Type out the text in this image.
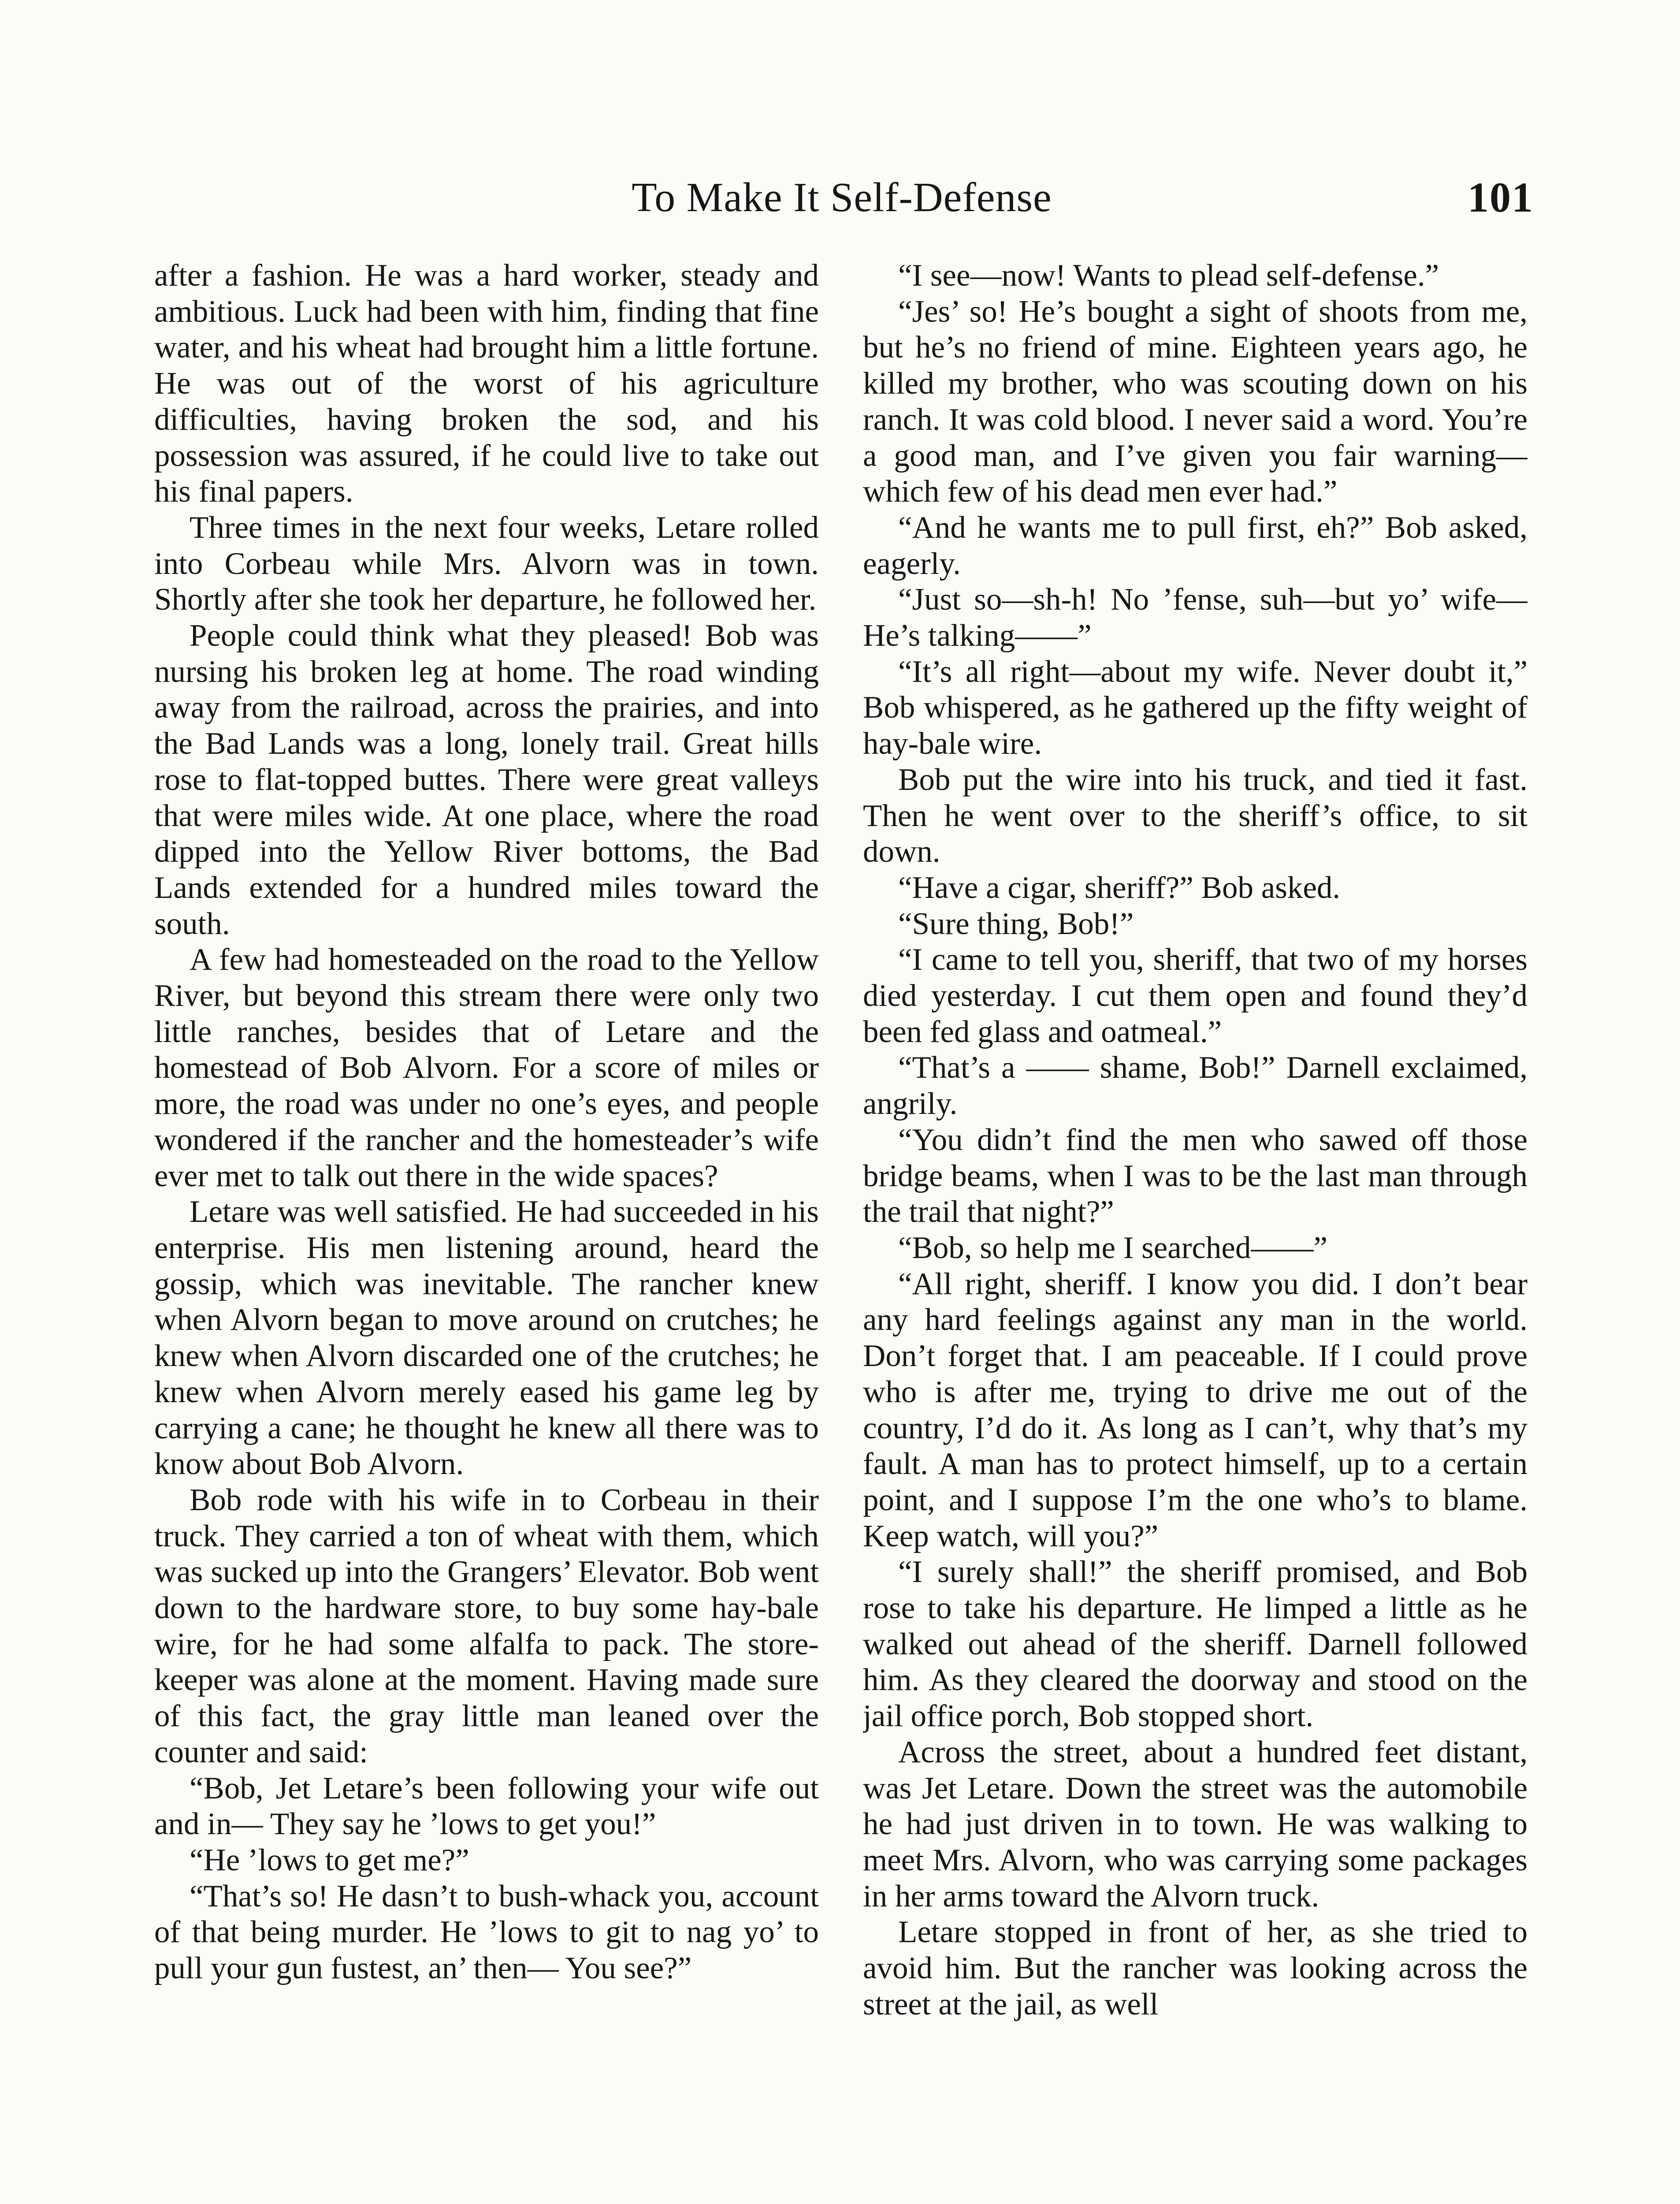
To Make It Self-Defense	101

after a fashion. He was a hard worker, steady and ambitious. Luck had been with him, finding that fine water, and his wheat had brought him a little fortune. He was out of the worst of his agriculture difficulties, having broken the sod, and his possession was assured, if he could live to take out his final papers.

Three times in the next four weeks, Letare rolled into Corbeau while Mrs. Alvorn was in town. Shortly after she took her departure, he followed her.

People could think what they pleased! Bob was nursing his broken leg at home. The road winding away from the railroad, across the prairies, and into the Bad Lands was a long, lonely trail. Great hills rose to flat-topped buttes. There were great valleys that were miles wide. At one place, where the road dipped into the Yellow River bottoms, the Bad Lands extended for a hundred miles toward the south.

A few had homesteaded on the road to the Yellow River, but beyond this stream there were only two little ranches, besides that of Letare and the homestead of Bob Alvorn. For a score of miles or more, the road was under no one’s eyes, and people wondered if the rancher and the homesteader’s wife ever met to talk out there in the wide spaces?

Letare was well satisfied. He had succeeded in his enterprise. His men listening around, heard the gossip, which was inevitable. The rancher knew when Alvorn began to move around on crutches; he knew when Alvorn discarded one of the crutches; he knew when Alvorn merely eased his game leg by carrying a cane; he thought he knew all there was to know about Bob Alvorn.

Bob rode with his wife in to Corbeau in their truck. They carried a ton of wheat with them, which was sucked up into the Grangers’ Elevator. Bob went down to the hardware store, to buy some hay-bale wire, for he had some alfalfa to pack. The store-keeper was alone at the moment. Having made sure of this fact, the gray little man leaned over the counter and said:

“Bob, Jet Letare’s been following your wife out and in— They say he ’lows to get you!”

“He ’lows to get me?”

“That’s so! He dasn’t to bush-whack you, account of that being murder. He ’lows to git to nag yo’ to pull your gun fustest, an’ then— You see?”

“I see—now! Wants to plead self-defense.”

“Jes’ so! He’s bought a sight of shoots from me, but he’s no friend of mine. Eighteen years ago, he killed my brother, who was scouting down on his ranch. It was cold blood. I never said a word. You’re a good man, and I’ve given you fair warning—which few of his dead men ever had.”

“And he wants me to pull first, eh?” Bob asked, eagerly.

“Just so—sh-h! No ’fense, suh—but yo’ wife— He’s talking——”

“It’s all right—about my wife. Never doubt it,” Bob whispered, as he gathered up the fifty weight of hay-bale wire.

Bob put the wire into his truck, and tied it fast. Then he went over to the sheriff’s office, to sit down.

“Have a cigar, sheriff?” Bob asked.

“Sure thing, Bob!”

“I came to tell you, sheriff, that two of my horses died yesterday. I cut them open and found they’d been fed glass and oatmeal.”

“That’s a —— shame, Bob!” Darnell exclaimed, angrily.

“You didn’t find the men who sawed off those bridge beams, when I was to be the last man through the trail that night?”

“Bob, so help me I searched——”

“All right, sheriff. I know you did. I don’t bear any hard feelings against any man in the world. Don’t forget that. I am peaceable. If I could prove who is after me, trying to drive me out of the country, I’d do it. As long as I can’t, why that’s my fault. A man has to protect himself, up to a certain point, and I suppose I’m the one who’s to blame. Keep watch, will you?”

“I surely shall!” the sheriff promised, and Bob rose to take his departure. He limped a little as he walked out ahead of the sheriff. Darnell followed him. As they cleared the doorway and stood on the jail office porch, Bob stopped short.

Across the street, about a hundred feet distant, was Jet Letare. Down the street was the automobile he had just driven in to town. He was walking to meet Mrs. Alvorn, who was carrying some packages in her arms toward the Alvorn truck.

Letare stopped in front of her, as she tried to avoid him. But the rancher was looking across the street at the jail, as well
